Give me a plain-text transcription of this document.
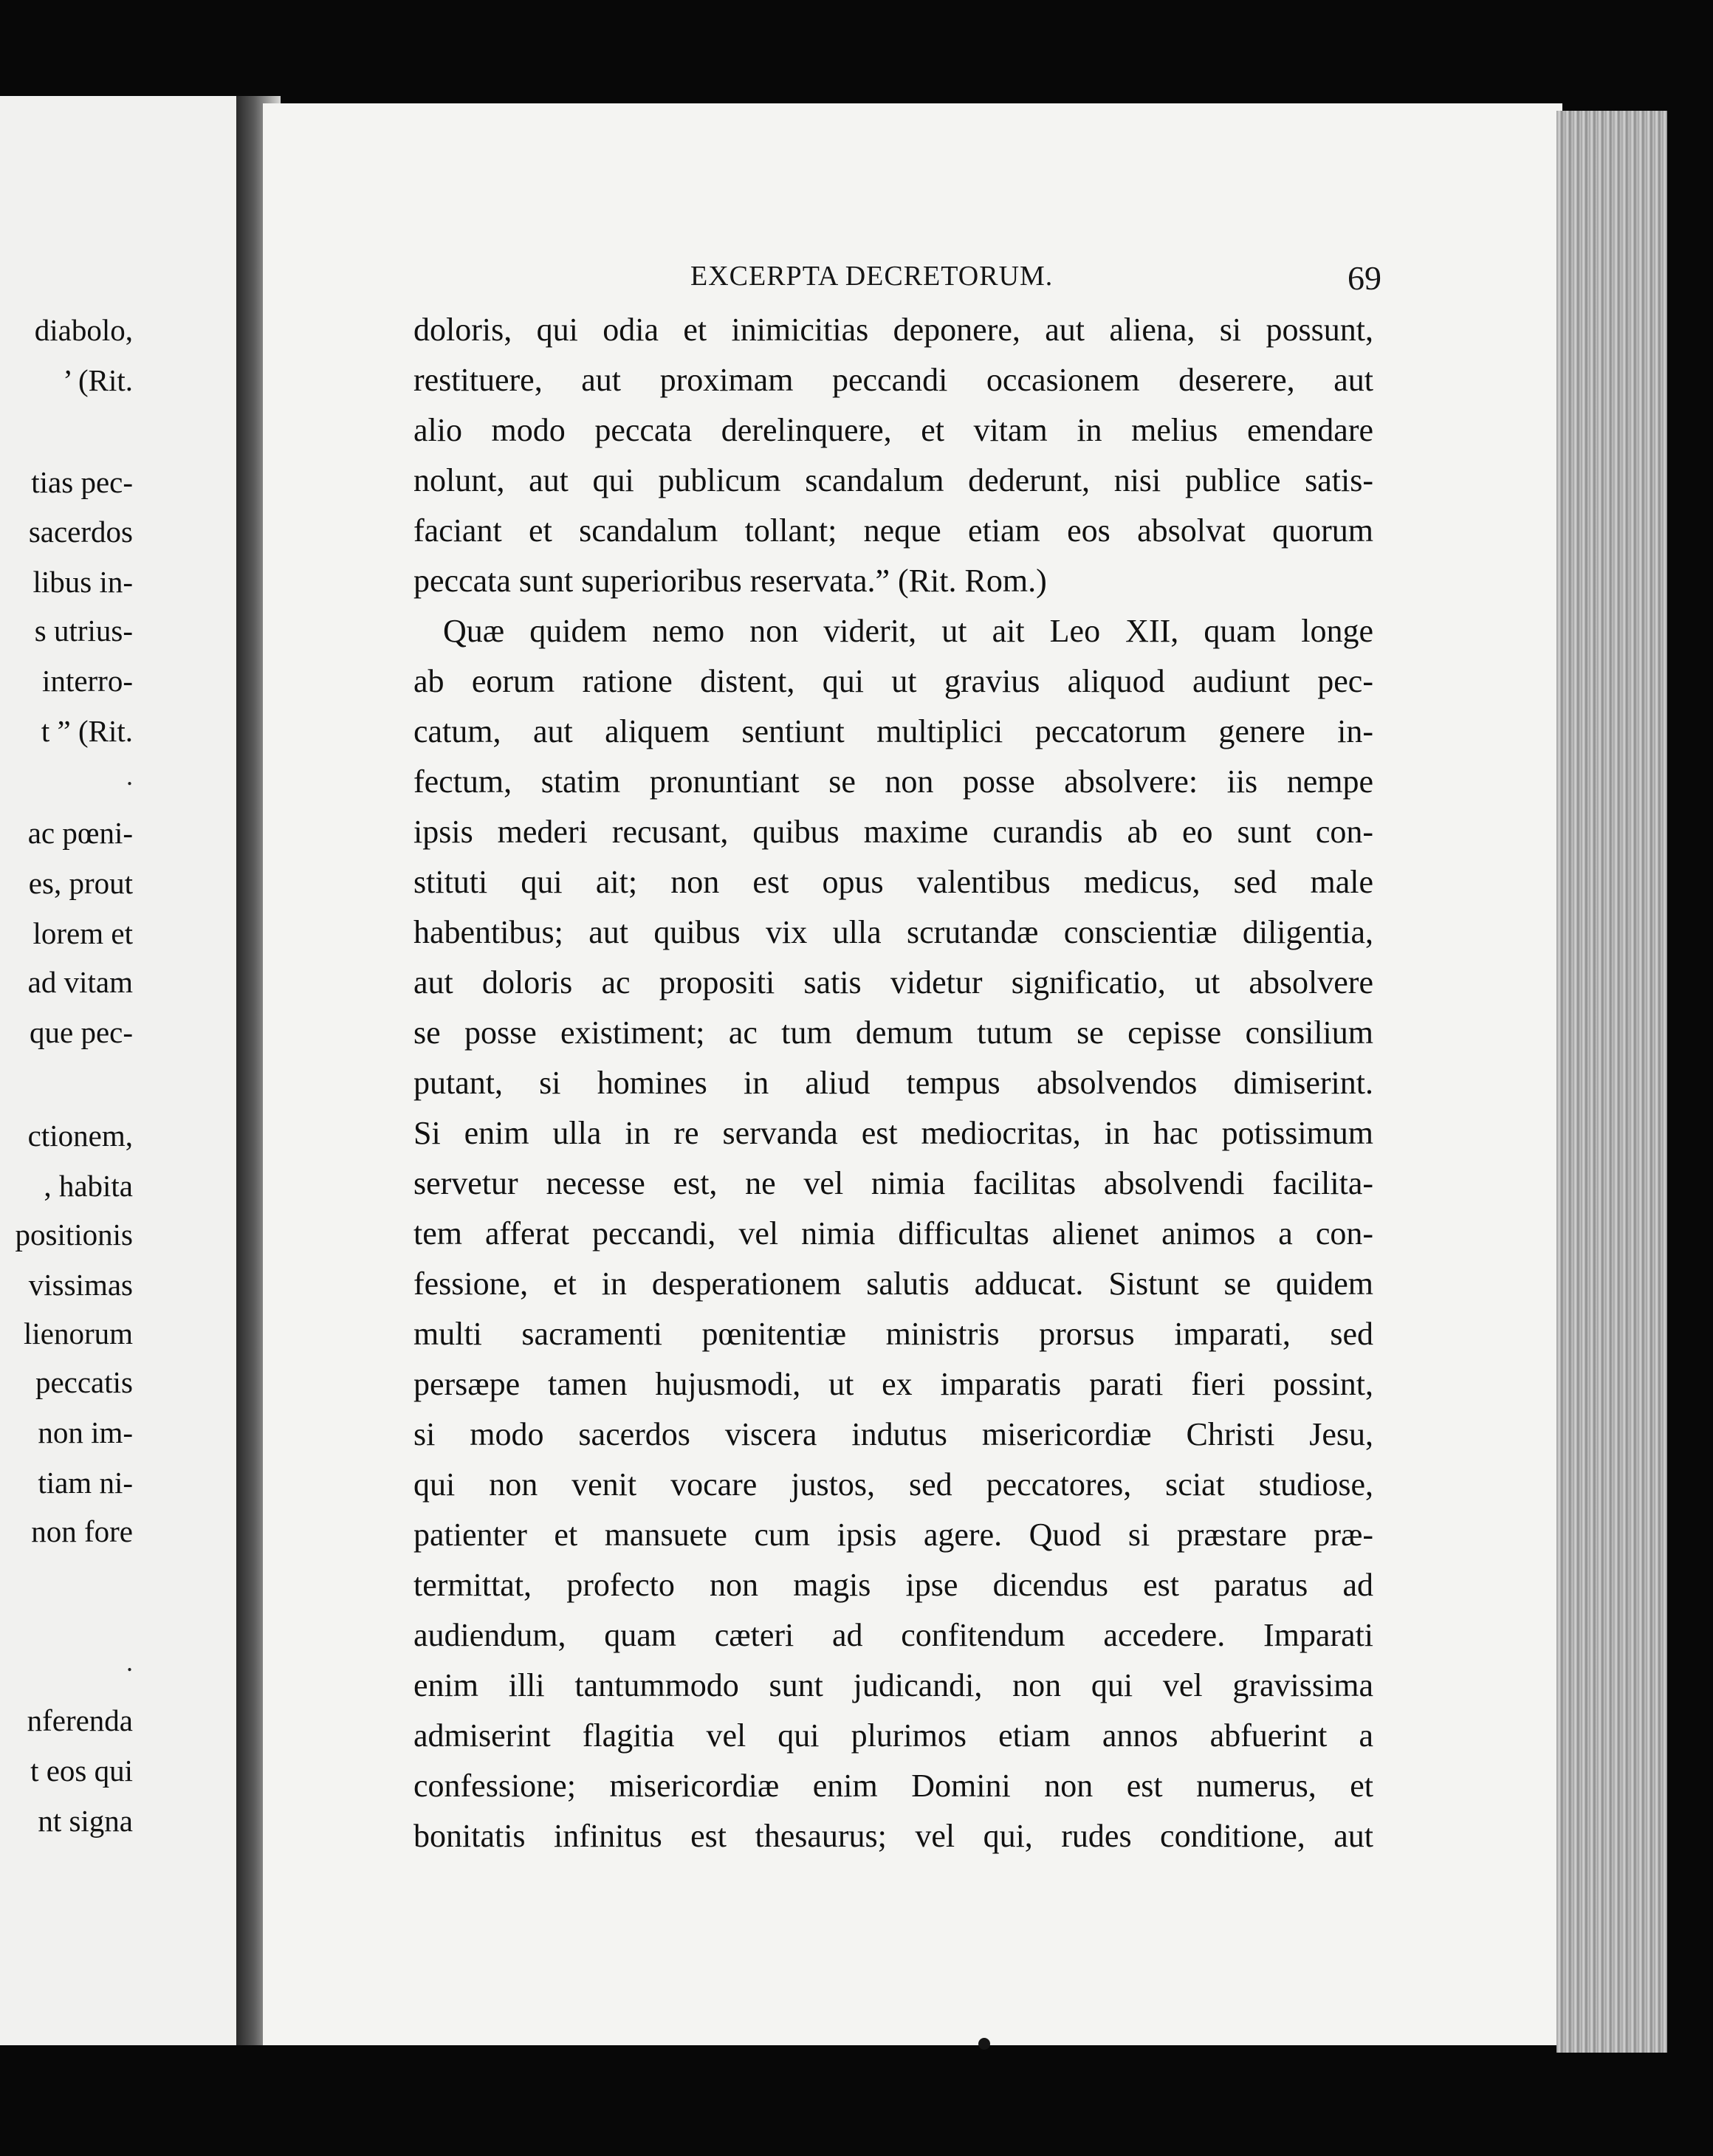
diabolo,
’ (Rit.
tias pec-
sacerdos
libus in-
s utrius-
interro-
t ” (Rit.
.
ac pœni-
es, prout
lorem et
ad vitam
que pec-
ctionem,
, habita
positionis
vissimas
lienorum
peccatis
non im-
tiam ni-
non fore
.
nferenda
t eos qui
nt signa
EXCERPTA DECRETORUM.	69
doloris, qui odia et inimicitias deponere, aut aliena, si possunt,
restituere, aut proximam peccandi occasionem deserere, aut
alio modo peccata derelinquere, et vitam in melius emendare
nolunt, aut qui publicum scandalum dederunt, nisi publice satis-
faciant et scandalum tollant; neque etiam eos absolvat quorum
peccata sunt superioribus reservata.” (Rit. Rom.)
Quæ quidem nemo non viderit, ut ait Leo XII, quam longe
ab eorum ratione distent, qui ut gravius aliquod audiunt pec-
catum, aut aliquem sentiunt multiplici peccatorum genere in-
fectum, statim pronuntiant se non posse absolvere: iis nempe
ipsis mederi recusant, quibus maxime curandis ab eo sunt con-
stituti qui ait; non est opus valentibus medicus, sed male
habentibus; aut quibus vix ulla scrutandæ conscientiæ diligentia,
aut doloris ac propositi satis videtur significatio, ut absolvere
se posse existiment; ac tum demum tutum se cepisse consilium
putant, si homines in aliud tempus absolvendos dimiserint.
Si enim ulla in re servanda est mediocritas, in hac potissimum
servetur necesse est, ne vel nimia facilitas absolvendi facilita-
tem afferat peccandi, vel nimia difficultas alienet animos a con-
fessione, et in desperationem salutis adducat. Sistunt se quidem
multi sacramenti pœnitentiæ ministris prorsus imparati, sed
persæpe tamen hujusmodi, ut ex imparatis parati fieri possint,
si modo sacerdos viscera indutus misericordiæ Christi Jesu,
qui non venit vocare justos, sed peccatores, sciat studiose,
patienter et mansuete cum ipsis agere. Quod si præstare præ-
termittat, profecto non magis ipse dicendus est paratus ad
audiendum, quam cæteri ad confitendum accedere. Imparati
enim illi tantummodo sunt judicandi, non qui vel gravissima
admiserint flagitia vel qui plurimos etiam annos abfuerint a
confessione; misericordiæ enim Domini non est numerus, et
bonitatis infinitus est thesaurus; vel qui, rudes conditione, aut
